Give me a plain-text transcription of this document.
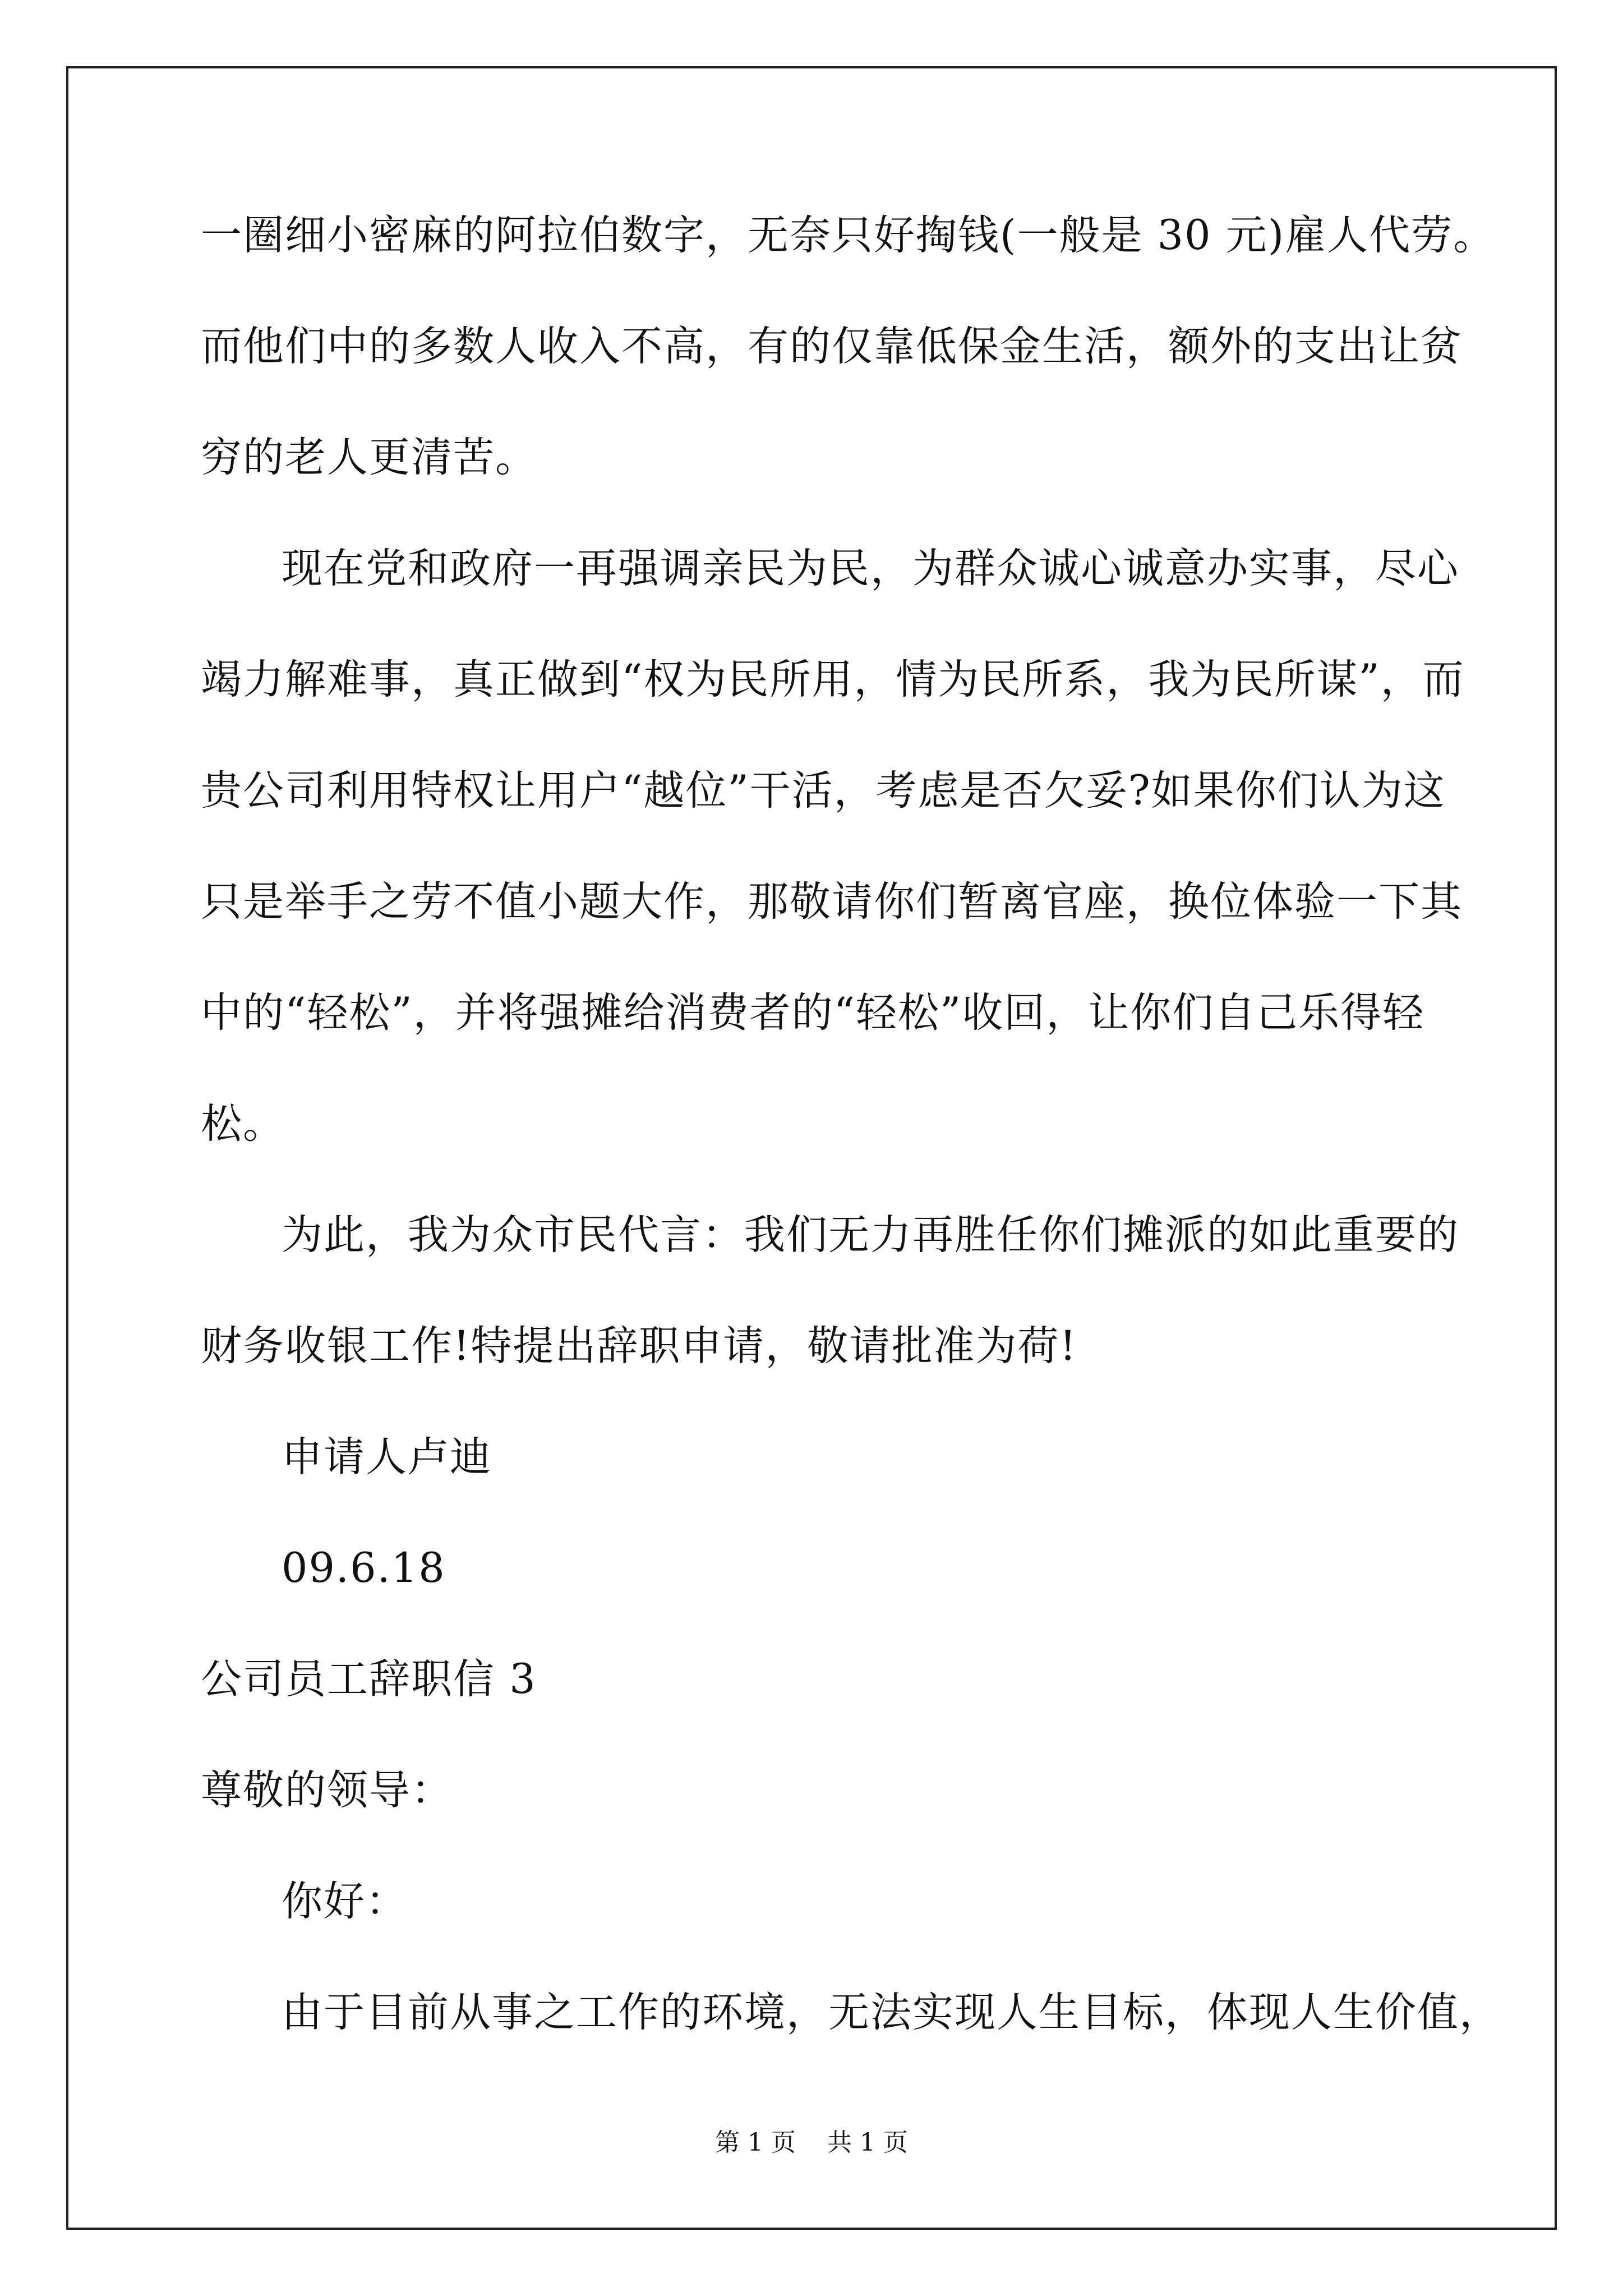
一圈细小密麻的阿拉伯数字，无奈只好掏钱(一般是 30 元)雇人代劳。
而他们中的多数人收入不高，有的仅靠低保金生活，额外的支出让贫
穷的老人更清苦。
现在党和政府一再强调亲民为民，为群众诚心诚意办实事，尽心
竭力解难事，真正做到“权为民所用，情为民所系，我为民所谋”，而
贵公司利用特权让用户“越位”干活，考虑是否欠妥?如果你们认为这
只是举手之劳不值小题大作，那敬请你们暂离官座，换位体验一下其
中的“轻松”，并将强摊给消费者的“轻松”收回，让你们自己乐得轻
松。
为此，我为众市民代言：我们无力再胜任你们摊派的如此重要的
财务收银工作!特提出辞职申请，敬请批准为荷!
申请人卢迪
09.6.18
公司员工辞职信 3
尊敬的领导：
你好：
由于目前从事之工作的环境，无法实现人生目标，体现人生价值，
第 1 页 共 1 页
